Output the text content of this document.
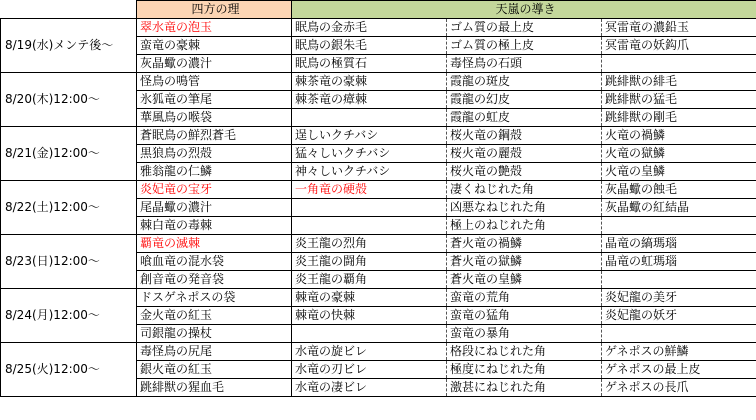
	四方の理	天嵐の導き		
8/19(水)メンテ後～	翠水竜の泡玉	眠鳥の金赤毛	ゴム質の最上皮	冥雷竜の濃鉛玉
	蛮竜の豪棘	眠鳥の銀朱毛	ゴム質の極上皮	冥雷竜の妖鈎爪
	灰晶蠍の濃汁	眠鳥の極質石	毒怪鳥の石頭	
8/20(木)12:00～	怪鳥の鳴管	棘茶竜の豪棘	霞龍の斑皮	跳緋獣の緋毛
	氷狐竜の筆尾	棘茶竜の瘴棘	霞龍の幻皮	跳緋獣の猛毛
	華風鳥の喉袋		霞龍の虹皮	跳緋獣の剛毛
8/21(金)12:00～	蒼眠鳥の鮮烈蒼毛	逞しいクチバシ	桜火竜の鋼殻	火竜の禍鱗
	黒狼鳥の烈殻	猛々しいクチバシ	桜火竜の麗殻	火竜の獄鱗
	雅翁龍の仁鱗	神々しいクチバシ	桜火竜の艶殻	火竜の皇鱗
8/22(土)12:00～	炎妃竜の宝牙	一角竜の硬殻	凄くねじれた角	灰晶蠍の蝕毛
	尾晶蠍の濃汁		凶悪なねじれた角	灰晶蠍の紅結晶
	棘白竜の毒棘		極上のねじれた角	
8/23(日)12:00～	覇竜の滅棘	炎王龍の烈角	蒼火竜の禍鱗	晶竜の縞瑪瑙
	喰血竜の混水袋	炎王龍の闘角	蒼火竜の獄鱗	晶竜の虹瑪瑙
	創音竜の発音袋	炎王龍の覇角	蒼火竜の皇鱗	
8/24(月)12:00～	ドスゲネポスの袋	棘竜の豪棘	蛮竜の荒角	炎妃龍の美牙
	金火竜の紅玉	棘竜の快棘	蛮竜の猛角	炎妃龍の妖牙
	司銀龍の操杖		蛮竜の暴角	
8/25(火)12:00～	毒怪鳥の尻尾	水竜の旋ビレ	格段にねじれた角	ゲネポスの鮮鱗
	銀火竜の紅玉	水竜の刃ビレ	極度にねじれた角	ゲネポスの最上皮
	跳緋獣の猩血毛	水竜の凄ビレ	激甚にねじれた角	ゲネポスの長爪
